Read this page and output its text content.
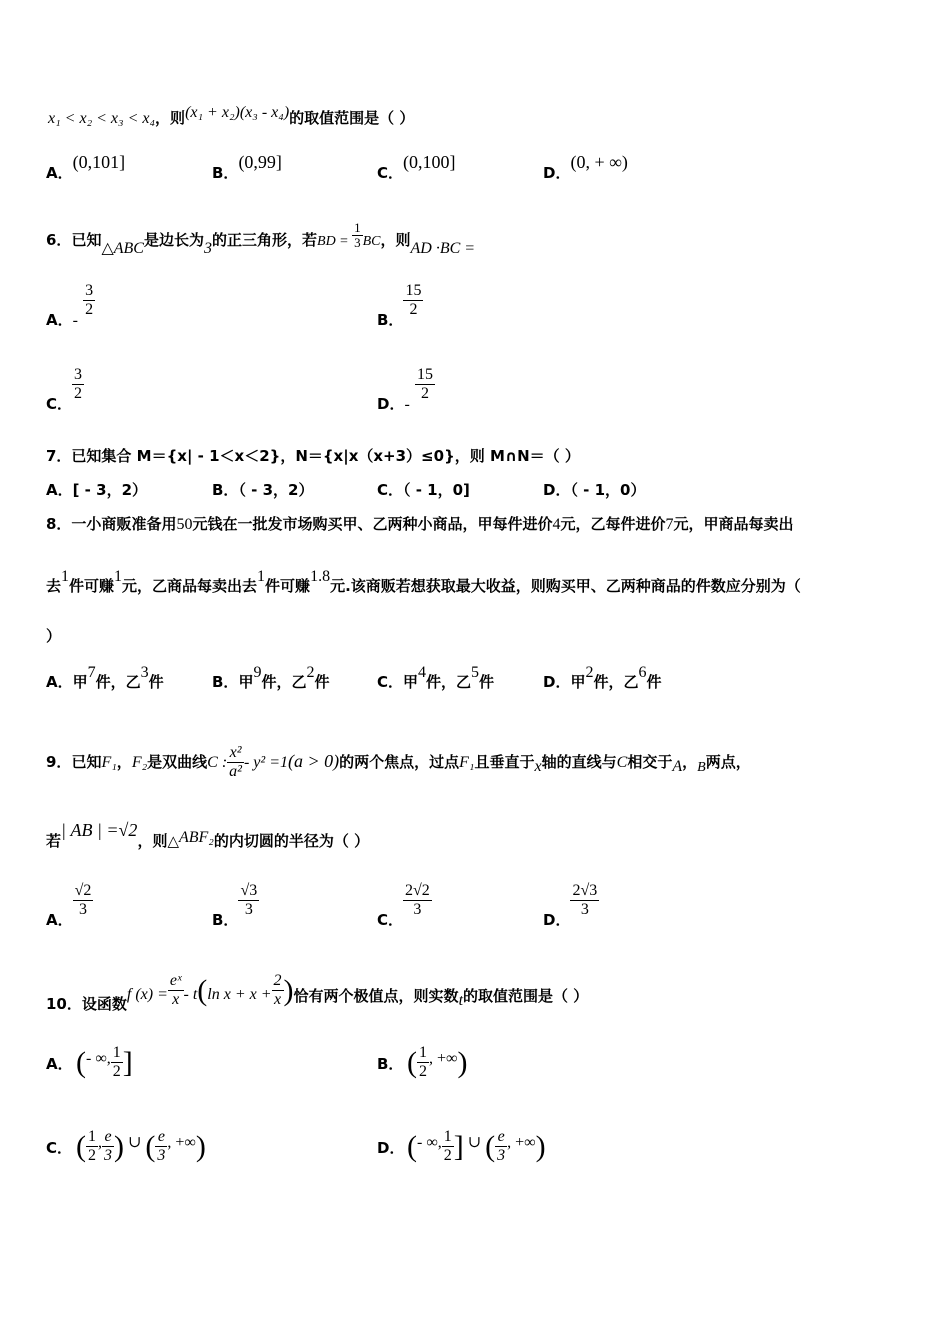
x₁ < x₂ < x₃ < x₄，则(x₁ + x₂)(x₃ - x₄)的取值范围是（ ）
A．(0,101]
B．(0,99]
C．(0,100]
D．(0, + ∞)
6．已知△ABC是边长为3的正三角形，若BD = $\frac{1}{3}$ BC，则AD ·BC =
A．-
$\frac{3}{2}$
B．
$\frac{15}{2}$
C．
$\frac{3}{2}$
D．-
$\frac{15}{2}$
7．已知集合 M＝{x| - 1＜x＜2}，N＝{x|x（x+3）≤0}，则 M∩N＝（ ）
A．[ - 3，2）	B．（ - 3，2）	C．（ - 1，0]	D．（ - 1，0）
8．一小商贩准备用50元钱在一批发市场购买甲、乙两种小商品，甲每件进价4元，乙每件进价7元，甲商品每卖出
去1件可赚1元，乙商品每卖出去1件可赚1.8元.该商贩若想获取最大收益，则购买甲、乙两种商品的件数应分别为（
）
A．甲7件，乙3件	B．甲9件，乙2件	C．甲4件，乙5件	D．甲2件，乙6件
9．已知F₁，F₂是双曲线C : $\frac{\text{x²}}{\text{a²}} - y^2 =1(a > 0)$的两个焦点，过点F₁且垂直于x轴的直线与C相交于A，B两点，
若| AB | =√2，则△ABF₂的内切圆的半径为（ ）
A．
$\frac{√2}{3}$
B．
$\frac{√3}{3}$
C．
$\frac{2√2}{3}$
D．
$\frac{2√3}{3}$
10．设函数f $(x) = \frac{\text{eˣ}}{x} - t(\ln$ $x + x + \frac{2}{x}$ )恰有两个极值点，则实数t的取值范围是（ ）
A． (- ∞, $\frac{1}{2}$ ]	B． ( $\frac{1}{2}$ , +∞)
C． ( $\frac{1}{2}$ , $\frac{e}{3}$ ) ∪ ( $\frac{e}{3}$ , +∞)	D． (- ∞, $\frac{1}{2}$ ] ∪ ( $\frac{e}{3}$ , +∞)
